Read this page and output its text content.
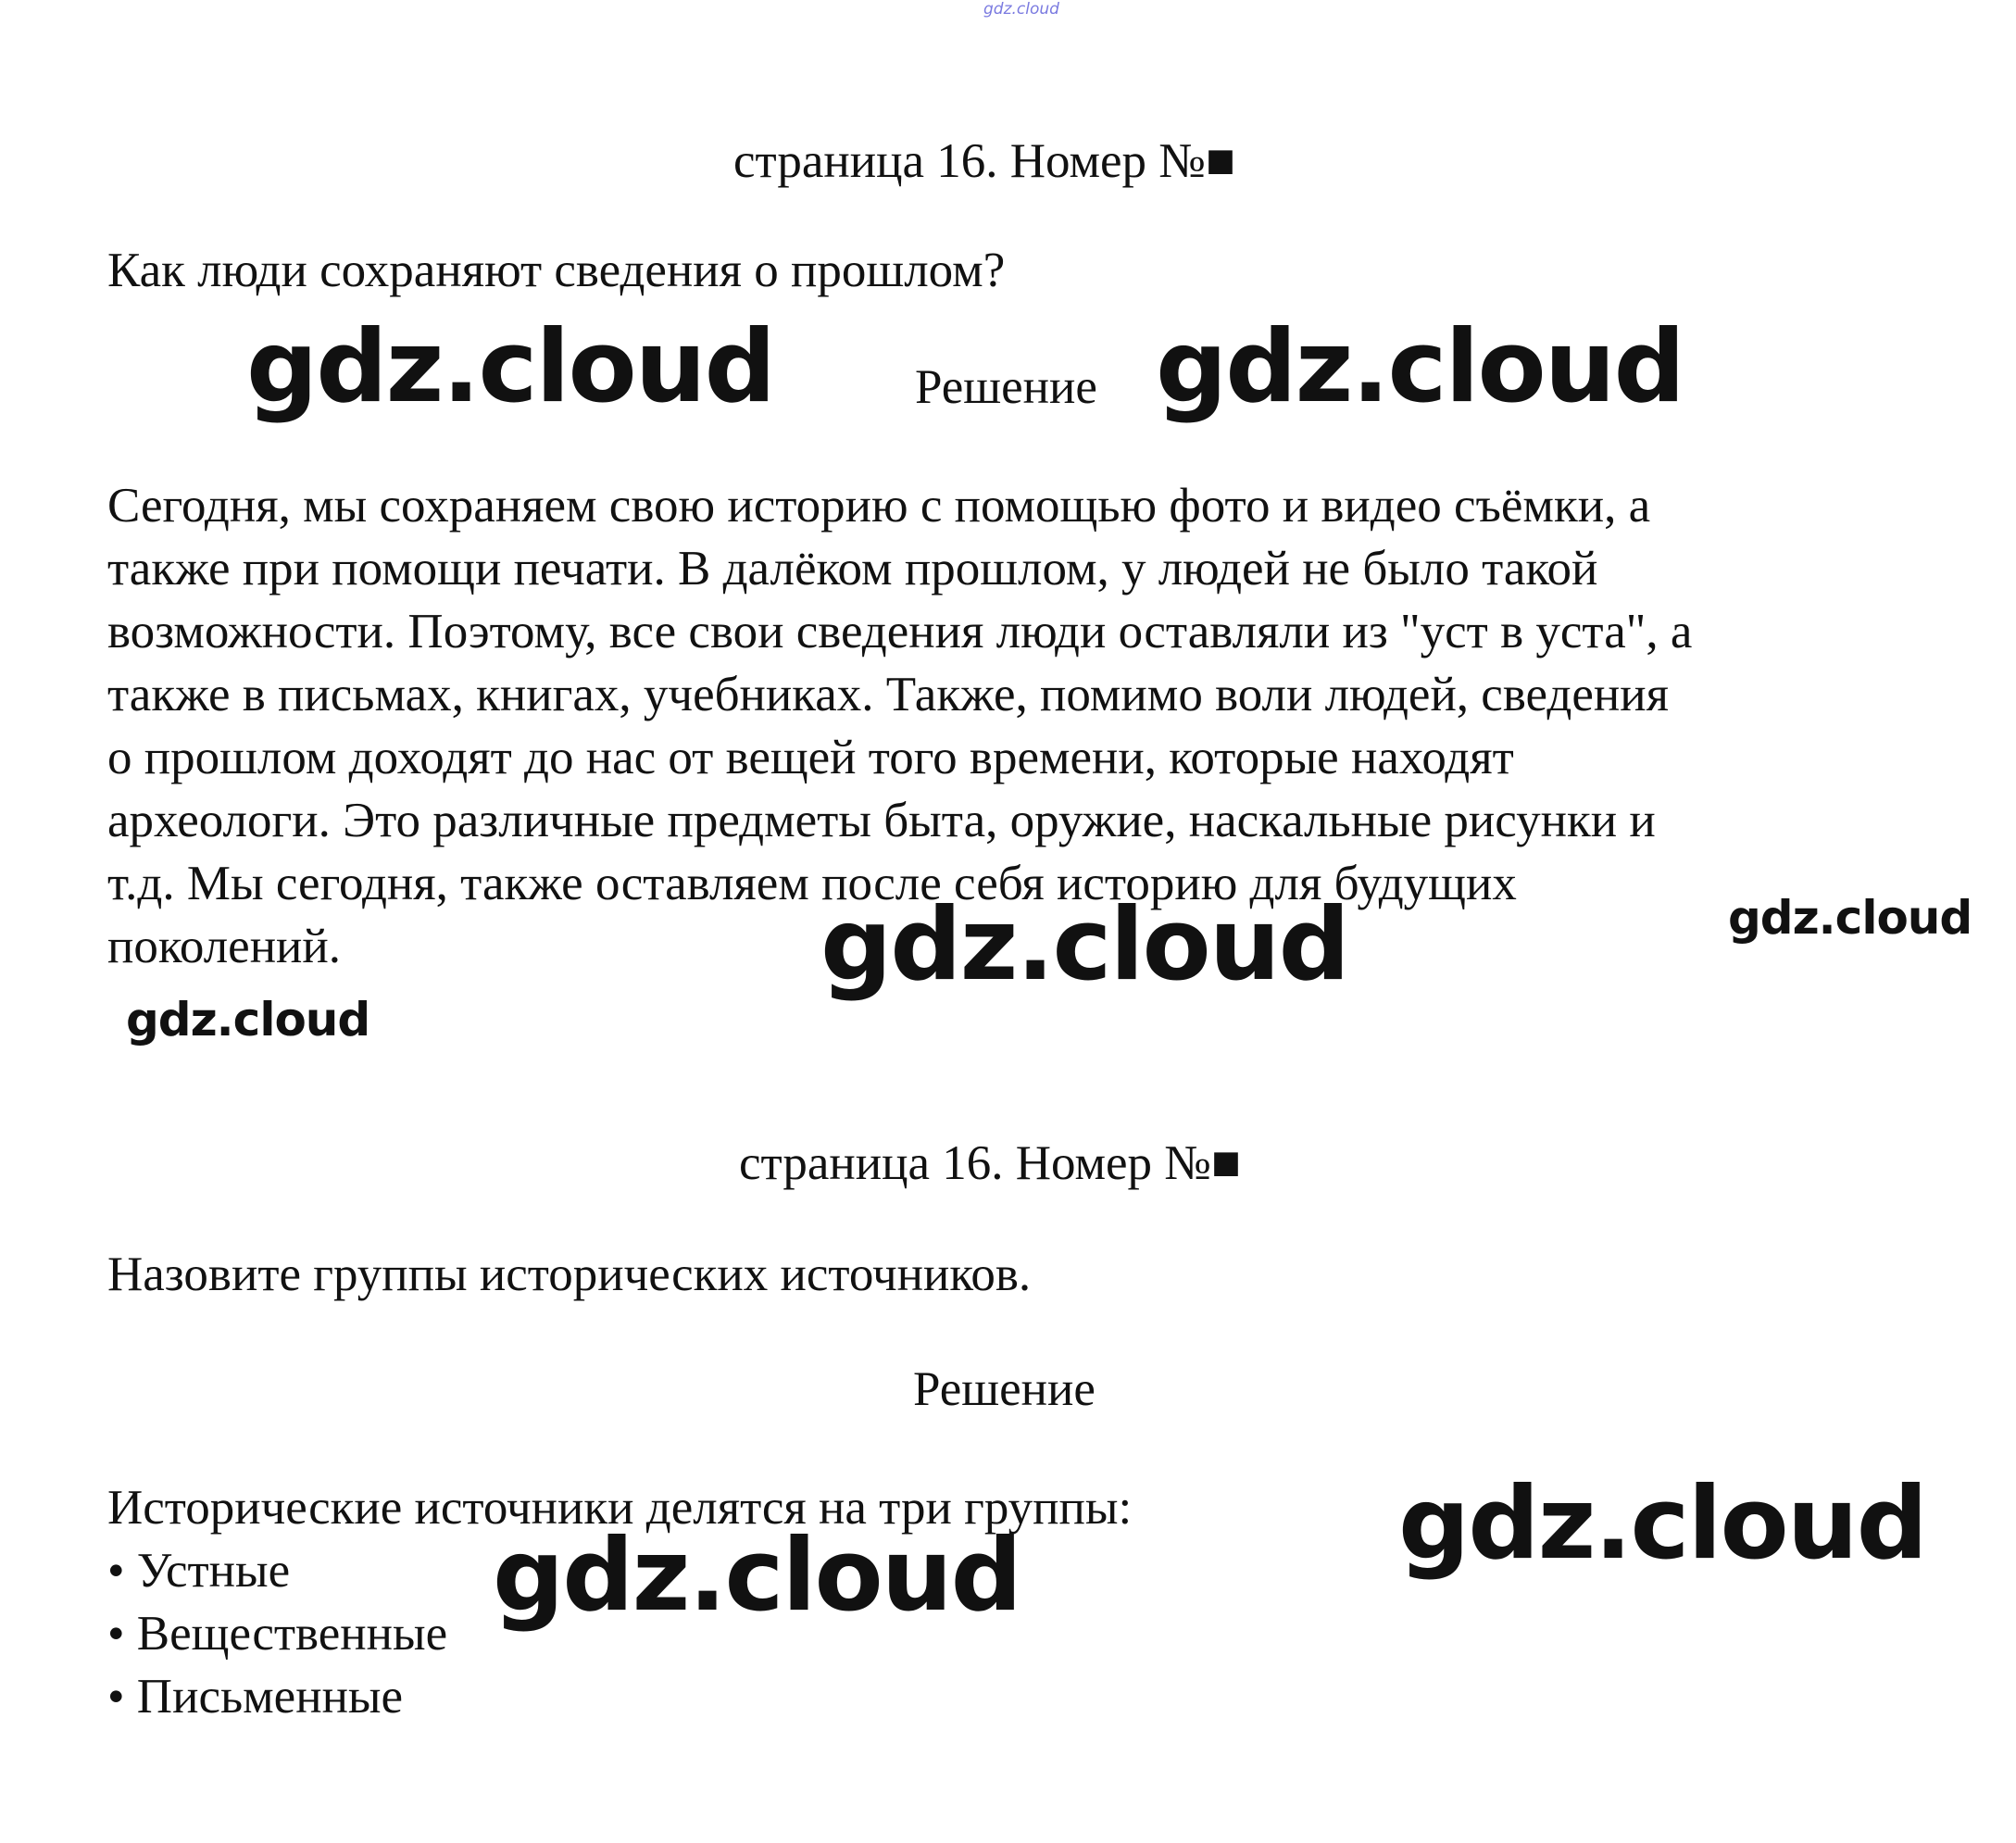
gdz.cloud
страница 16. Номер №■
Как люди сохраняют сведения о прошлом?
gdz.cloud	Решение gdz.cloud
Сегодня, мы сохраняем свою историю с помощью фото и видео съёмки, а
также при помощи печати. В далёком прошлом, у людей не было такой
возможности. Поэтому, все свои сведения люди оставляли из "уст в уста", а
также в письмах, книгах, учебниках. Также, помимо воли людей, сведения
о прошлом доходят до нас от вещей того времени, которые находят
археологи. Это различные предметы быта, оружие, наскальные рисунки и
т.д. Мы сегодня, также оставляем после себя историю для будущих
поколений.
gdz.cloud
gdz.cloud
gdz.cloud
страница 16. Номер №■
Назовите группы исторических источников.
Решение
Исторические источники делятся на три группы:	gdz.cloud
• Устные
• Вещественные
• Письменные
gdz.cloud
